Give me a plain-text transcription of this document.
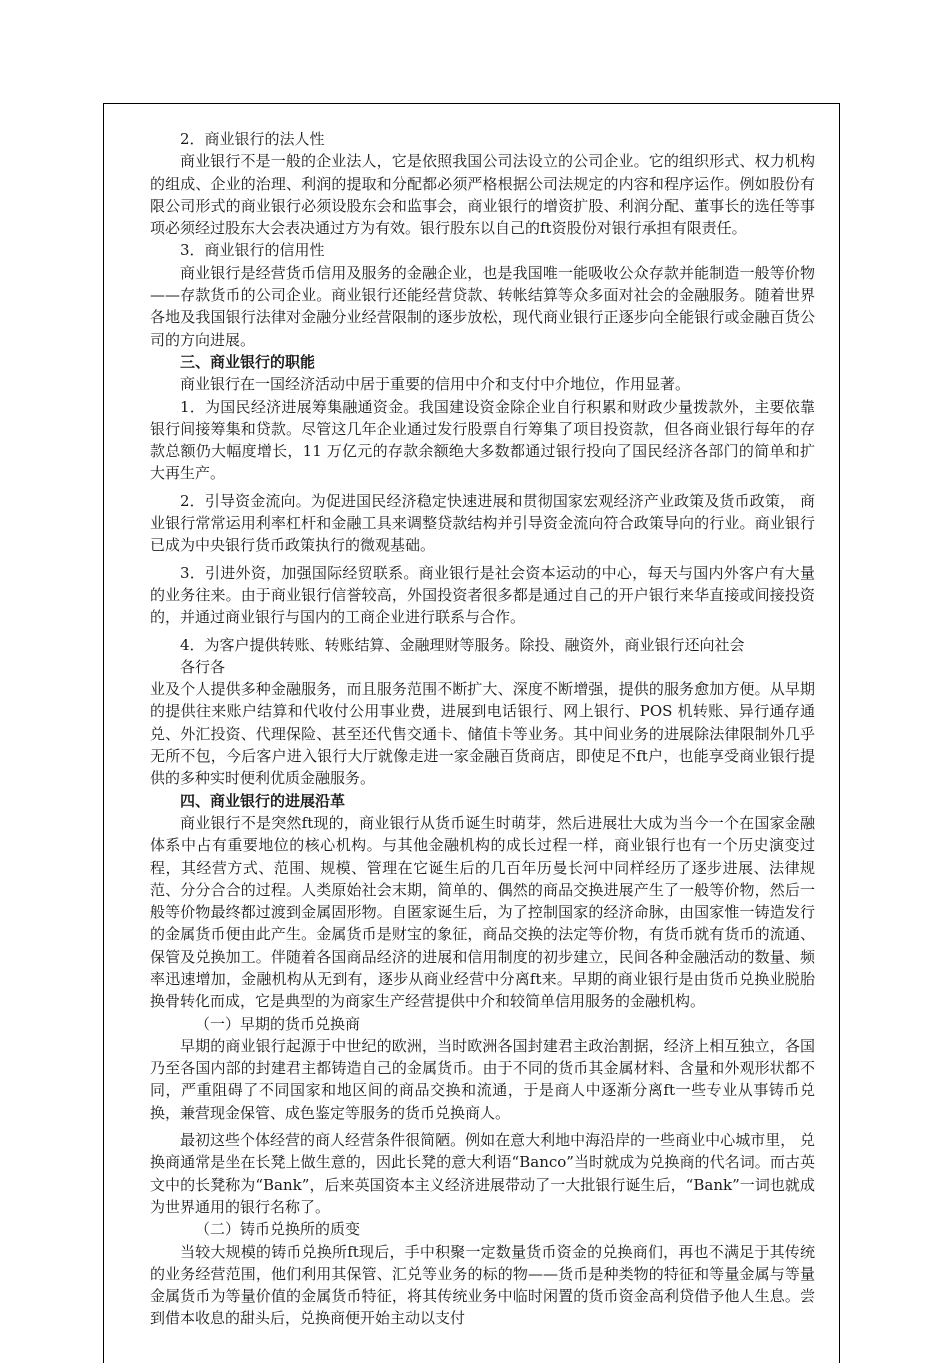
2．商业银行的法人性

商业银行不是一般的企业法人，它是依照我国公司法设立的公司企业。它的组织形式、权力机构的组成、企业的治理、利润的提取和分配都必须严格根据公司法规定的内容和程序运作。例如股份有限公司形式的商业银行必须设股东会和监事会，商业银行的增资扩股、利润分配、董事长的选任等事项必须经过股东大会表决通过方为有效。银行股东以自己的ft资股份对银行承担有限责任。

3．商业银行的信用性

商业银行是经营货币信用及服务的金融企业，也是我国唯一能吸收公众存款并能制造一般等价物——存款货币的公司企业。商业银行还能经营贷款、转帐结算等众多面对社会的金融服务。随着世界各地及我国银行法律对金融分业经营限制的逐步放松，现代商业银行正逐步向全能银行或金融百货公司的方向进展。

三、商业银行的职能

商业银行在一国经济活动中居于重要的信用中介和支付中介地位，作用显著。

1．为国民经济进展筹集融通资金。我国建设资金除企业自行积累和财政少量拨款外，主要依靠银行间接筹集和贷款。尽管这几年企业通过发行股票自行筹集了项目投资款，但各商业银行每年的存款总额仍大幅度增长，11 万亿元的存款余额绝大多数都通过银行投向了国民经济各部门的简单和扩大再生产。

2．引导资金流向。为促进国民经济稳定快速进展和贯彻国家宏观经济产业政策及货币政策， 商业银行常常运用利率杠杆和金融工具来调整贷款结构并引导资金流向符合政策导向的行业。商业银行已成为中央银行货币政策执行的微观基础。

3．引进外资，加强国际经贸联系。商业银行是社会资本运动的中心，每天与国内外客户有大量的业务往来。由于商业银行信誉较高，外国投资者很多都是通过自己的开户银行来华直接或间接投资的，并通过商业银行与国内的工商企业进行联系与合作。

4．为客户提供转账、转账结算、金融理财等服务。除投、融资外，商业银行还向社会

各行各

业及个人提供多种金融服务，而且服务范围不断扩大、深度不断增强，提供的服务愈加方便。从早期的提供往来账户结算和代收付公用事业费，进展到电话银行、网上银行、POS 机转账、异行通存通兑、外汇投资、代理保险、甚至还代售交通卡、储值卡等业务。其中间业务的进展除法律限制外几乎无所不包，今后客户进入银行大厅就像走进一家金融百货商店，即使足不ft户，也能享受商业银行提供的多种实时便利优质金融服务。

四、商业银行的进展沿革

商业银行不是突然ft现的，商业银行从货币诞生时萌芽，然后进展壮大成为当今一个在国家金融体系中占有重要地位的核心机构。与其他金融机构的成长过程一样，商业银行也有一个历史演变过程，其经营方式、范围、规模、管理在它诞生后的几百年历曼长河中同样经历了逐步进展、法律规范、分分合合的过程。人类原始社会末期，简单的、偶然的商品交换进展产生了一般等价物，然后一般等价物最终都过渡到金属固形物。自匿家诞生后，为了控制国家的经济命脉，由国家惟一铸造发行的金属货币便由此产生。金属货币是财宝的象征，商品交换的法定等价物，有货币就有货币的流通、保管及兑换加工。伴随着各国商品经济的进展和信用制度的初步建立，民间各种金融活动的数量、频率迅速增加，金融机构从无到有，逐步从商业经营中分离ft来。早期的商业银行是由货币兑换业脱胎换骨转化而成，它是典型的为商家生产经营提供中介和较简单信用服务的金融机构。

（一）早期的货币兑换商

早期的商业银行起源于中世纪的欧洲，当时欧洲各国封建君主政治割据，经济上相互独立，各国乃至各国内部的封建君主都铸造自己的金属货币。由于不同的货币其金属材料、含量和外观形状都不同，严重阻碍了不同国家和地区间的商品交换和流通，于是商人中逐渐分离ft一些专业从事铸币兑换，兼营现金保管、成色鉴定等服务的货币兑换商人。

最初这些个体经营的商人经营条件很简陋。例如在意大利地中海沿岸的一些商业中心城市里， 兑换商通常是坐在长凳上做生意的，因此长凳的意大利语“Banco”当时就成为兑换商的代名词。而古英文中的长凳称为“Bank”，后来英国资本主义经济进展带动了一大批银行诞生后，“Bank”一词也就成为世界通用的银行名称了。

（二）铸币兑换所的质变

当较大规模的铸币兑换所ft现后，手中积聚一定数量货币资金的兑换商们，再也不满足于其传统的业务经营范围，他们利用其保管、汇兑等业务的标的物——货币是种类物的特征和等量金属与等量金属货币为等量价值的金属货币特征，将其传统业务中临时闲置的货币资金高利贷借予他人生息。尝到借本收息的甜头后，兑换商便开始主动以支付
